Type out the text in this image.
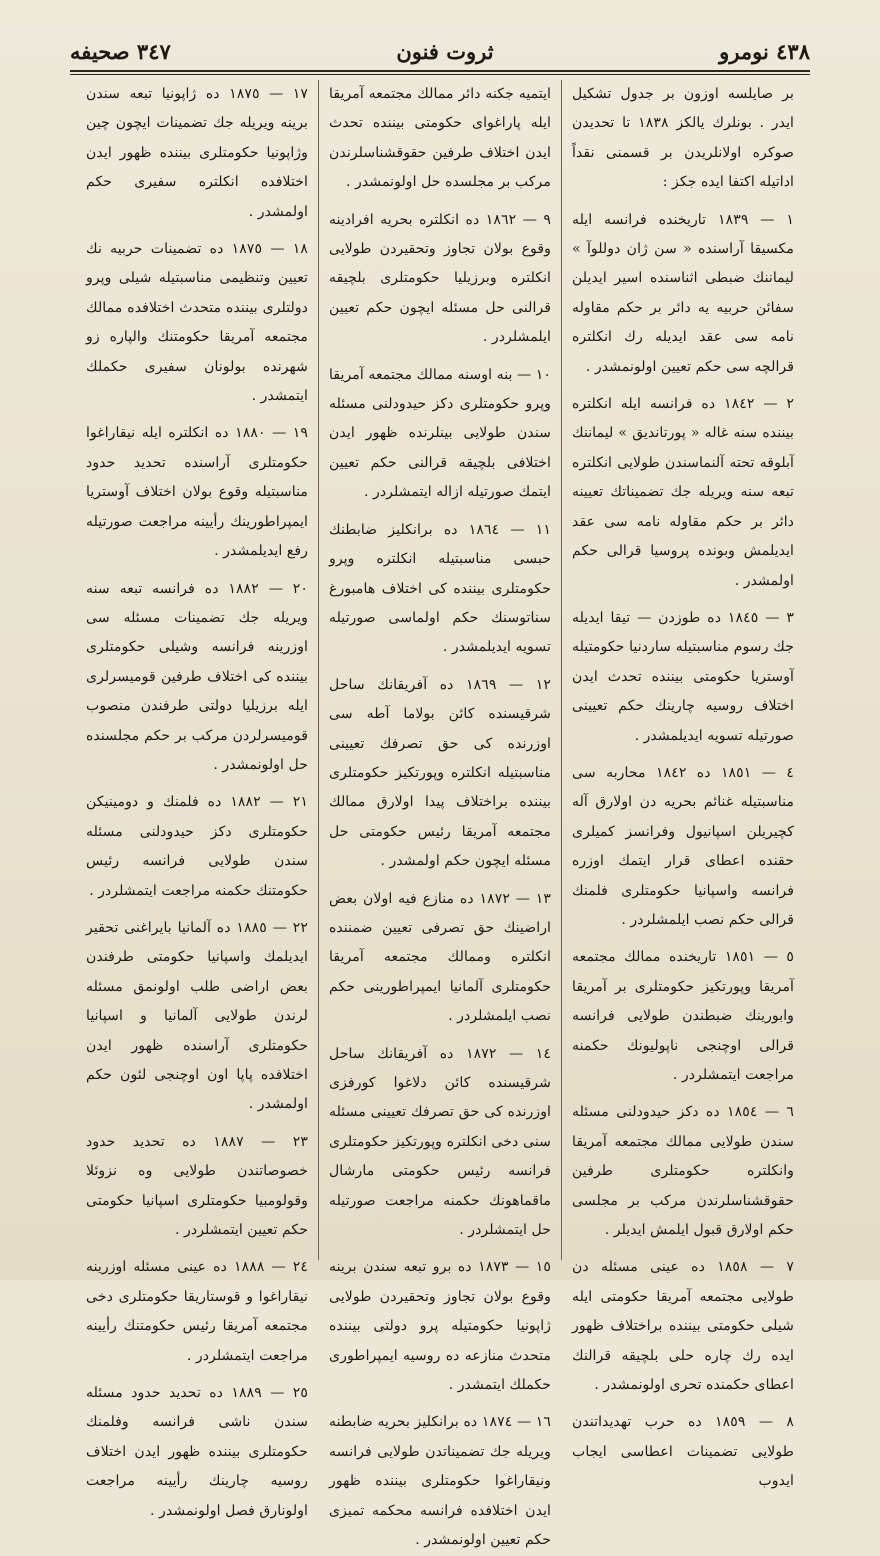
٤٣٨ نومرو
ثروت فنون
٣٤٧ صحيفه

بر صايلسه اوزون بر جدول تشكيل ايدر . بونلرك يالكز ١٨٣٨ تا تحديدن صوكره اولانلريدن بر قسمنى نقداً اداتيله اكتفا ايده جكز :

١ — ١٨٣٩ تاريخنده فرانسه ايله مكسيقا آراسنده « سن ژان دوللوآ » ليماننك ضبطى اثناسنده اسير ايديلن سفائن حربيه يه دائر بر حكم مقاوله نامه سى عقد ايديله رك انكلتره قرالچه سى حكم تعيين اولونمشدر .

٢ — ١٨٤٢ ده فرانسه ايله انكلتره بيننده سنه غاله « پورتانديق » ليماننك آبلوقه تحته آلنماسندن طولايى انكلتره تبعه سنه ويريله جك تضميناتك تعيينه دائر بر حكم مقاوله نامه سى عقد ايديلمش وبونده پروسيا قرالى حكم اولمشدر .

٣ — ١٨٤٥ ده طوزدن — تيقا ايديله جك رسوم مناسبتيله ساردنيا حكومتيله آوستريا حكومتى بيننده تحدث ايدن اختلاف روسيه چارينك حكم تعيينى صورتيله تسويه ايديلمشدر .

٤ — ١٨٥١ ده ١٨٤٢ محاربه سى مناسبتيله غنائم بحريه دن اولارق آله كچيريلن اسپانيول وفرانسز كميلرى حقنده اعطاى قرار ايتمك اوزره فرانسه واسپانيا حكومتلرى فلمنك قرالى حكم نصب ايلمشلردر .

٥ — ١٨٥١ تاريخنده ممالك مجتمعه آمريقا وپورتكيز حكومتلرى بر آمريقا وابورينك ضبطندن طولايى فرانسه قرالى اوچنجى ناپوليونك حكمنه مراجعت ايتمشلردر .

٦ — ١٨٥٤ ده دكز حيدودلنى مسئله سندن طولايى ممالك مجتمعه آمريقا وانكلتره حكومتلرى طرفين حقوقشناسلرندن مركب بر مجلسى حكم اولارق قبول ايلمش ايديلر .

٧ — ١٨٥٨ ده عينى مسئله دن طولايى مجتمعه آمريقا حكومتى ايله شيلى حكومتى بيننده براختلاف ظهور ايده رك چاره حلى بلچيقه قرالنك اعطاى حكمنده تحرى اولونمشدر .

٨ — ١٨٥٩ ده حرب تهديداتندن طولايى تضمينات اعطاسى ايجاب ايدوب

ايتميه جكنه دائر ممالك مجتمعه آمريقا ايله پاراغواى حكومتى بيننده تحدث ايدن اختلاف طرفين حقوقشناسلرندن مركب بر مجلسده حل اولونمشدر .

٩ — ١٨٦٢ ده انكلتره بحريه افرادينه وقوع بولان تجاوز وتحقيردن طولايى انكلتره وبرزيليا حكومتلرى بلچيقه قرالنى حل مسئله ايچون حكم تعيين ايلمشلردر .

١٠ — بنه اوسنه ممالك مجتمعه آمريقا وپرو حكومتلرى دكز حيدودلنى مسئله سندن طولايى بينلرنده ظهور ايدن اختلافى بلچيقه قرالنى حكم تعيين ايتمك صورتيله ازاله ايتمشلردر .

١١ — ١٨٦٤ ده برانكليز ضابطنك حبسى مناسبتيله انكلتره وپرو حكومتلرى بيننده كى اختلاف هامبورغ سناتوسنك حكم اولماسى صورتيله تسويه ايديلمشدر .

١٢ — ١٨٦٩ ده آفريقانك ساحل شرقيسنده كائن بولاما آطه سى اوزرنده كى حق تصرفك تعيينى مناسبتيله انكلتره وپورتكيز حكومتلرى بيننده براختلاف پيدا اولارق ممالك مجتمعه آمريقا رئيس حكومتى حل مسئله ايچون حكم اولمشدر .

١٣ — ١٨٧٢ ده منازع فيه اولان بعض اراضينك حق تصرفى تعيين ضمننده انكلتره وممالك مجتمعه آمريقا حكومتلرى آلمانيا ايمپراطورينى حكم نصب ايلمشلردر .

١٤ — ١٨٧٢ ده آفريقانك ساحل شرقيسنده كائن دلاغوا كورفزى اوزرنده كى حق تصرفك تعيينى مسئله سنى دخى انكلتره وپورتكيز حكومتلرى فرانسه رئيس حكومتى مارشال ماقماهونك حكمنه مراجعت صورتيله حل ايتمشلردر .

١٥ — ١٨٧٣ ده برو تبعه سندن برينه وقوع بولان تجاوز وتحقيردن طولايى ژاپونيا حكومتيله پرو دولتى بيننده متحدث منازعه ده روسيه ايمپراطورى حكملك ايتمشدر .

١٦ — ١٨٧٤ ده برانكليز بحريه ضابطنه ويريله جك تضميناتدن طولايى فرانسه ونيقاراغوا حكومتلرى بيننده ظهور ايدن اختلافده فرانسه محكمه تميزى حكم تعيين اولونمشدر .

١٧ — ١٨٧٥ ده ژاپونيا تبعه سندن برينه ويريله جك تضمينات ايچون چين وژاپونيا حكومتلرى بيننده ظهور ايدن اختلافده انكلتره سفيرى حكم اولمشدر .

١٨ — ١٨٧٥ ده تضمينات حربيه نك تعيين وتنظيمى مناسبتيله شيلى وپرو دولتلرى بيننده متحدث اختلافده ممالك مجتمعه آمريقا حكومتنك والپاره زو شهرنده بولونان سفيرى حكملك ايتمشدر .

١٩ — ١٨٨٠ ده انكلتره ايله نيقاراغوا حكومتلرى آراسنده تحديد حدود مناسبتيله وقوع بولان اختلاف آوستريا ايمپراطورينك رأيينه مراجعت صورتيله رفع ايديلمشدر .

٢٠ — ١٨٨٢ ده فرانسه تبعه سنه ويريله جك تضمينات مسئله سى اوزرينه فرانسه وشيلى حكومتلرى بيننده كى اختلاف طرفين قوميسرلرى ايله برزيليا دولتى طرفندن منصوب قوميسرلردن مركب بر حكم مجلسنده حل اولونمشدر .

٢١ — ١٨٨٢ ده فلمنك و دومينيكن حكومتلرى دكز حيدودلنى مسئله سندن طولايى فرانسه رئيس حكومتنك حكمنه مراجعت ايتمشلردر .

٢٢ — ١٨٨٥ ده آلمانيا بايراغنى تحقير ايديلمك واسپانيا حكومتى طرفندن بعض اراضى طلب اولونمق مسئله لرندن طولايى آلمانيا و اسپانيا حكومتلرى آراسنده ظهور ايدن اختلافده پاپا اون اوچنجى لئون حكم اولمشدر .

٢٣ — ١٨٨٧ ده تحديد حدود خصوصاتندن طولايى وه نزوئلا وقولومبيا حكومتلرى اسپانيا حكومتى حكم تعيين ايتمشلردر .

٢٤ — ١٨٨٨ ده عينى مسئله اوزرينه نيقاراغوا و قوستاريقا حكومتلرى دخى مجتمعه آمريقا رئيس حكومتنك رأيينه مراجعت ايتمشلردر .

٢٥ — ١٨٨٩ ده تحديد حدود مسئله سندن ناشى فرانسه وفلمنك حكومتلرى بيننده ظهور ايدن اختلاف روسيه چارينك رأيينه مراجعت اولونارق فصل اولونمشدر .
